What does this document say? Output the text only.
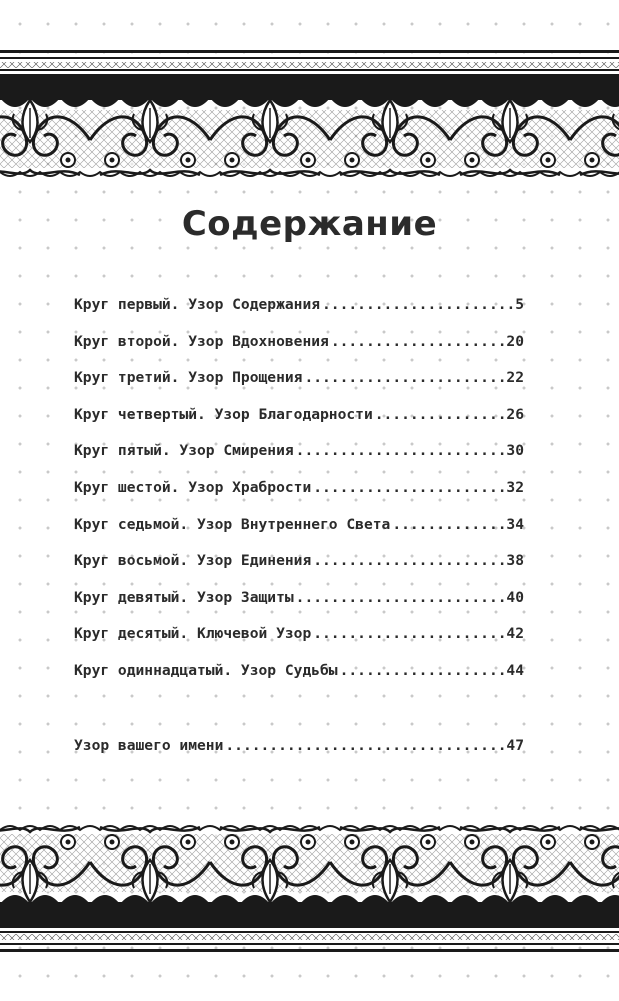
Содержание
Круг первый. Узор Содержания .....	5
Круг второй. Узор Вдохновения .....	20
Круг третий. Узор Прощения .....	22
Круг четвертый. Узор Благодарности .....	26
Круг пятый. Узор Смирения .....	30
Круг шестой. Узор Храбрости .....	32
Круг седьмой. Узор Внутреннего Света .....	34
Круг восьмой. Узор Единения .....	38
Круг девятый. Узор Защиты .....	40
Круг десятый. Ключевой Узор .....	42
Круг одиннадцатый. Узор Судьбы .....	44
Узор вашего имени .....	47
